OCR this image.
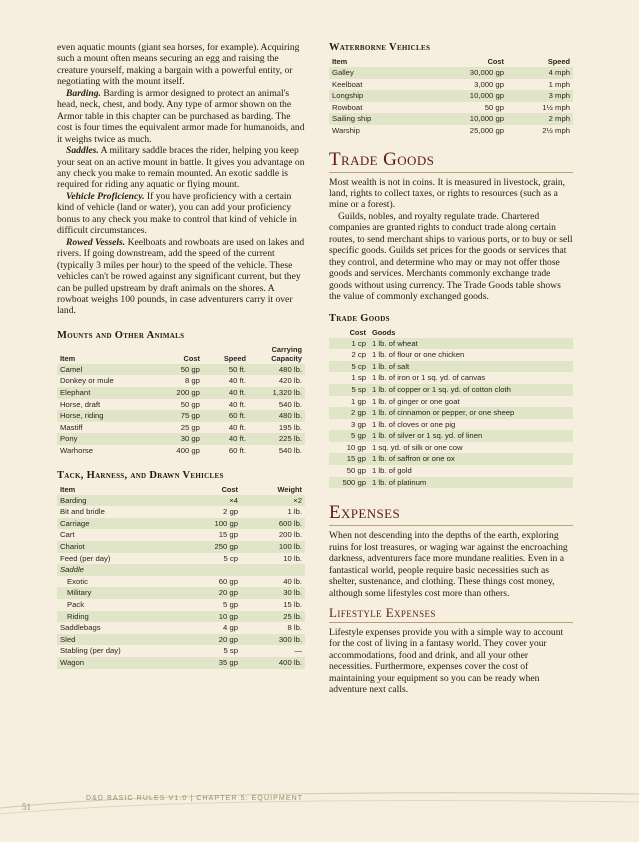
even aquatic mounts (giant sea horses, for example). Acquiring such a mount often means securing an egg and raising the creature yourself, making a bargain with a powerful entity, or negotiating with the mount itself.

Barding. Barding is armor designed to protect an animal's head, neck, chest, and body. Any type of armor shown on the Armor table in this chapter can be purchased as barding. The cost is four times the equivalent armor made for humanoids, and it weighs twice as much.

Saddles. A military saddle braces the rider, helping you keep your seat on an active mount in battle. It gives you advantage on any check you make to remain mounted. An exotic saddle is required for riding any aquatic or flying mount.

Vehicle Proficiency. If you have proficiency with a certain kind of vehicle (land or water), you can add your proficiency bonus to any check you make to control that kind of vehicle in difficult circumstances.

Rowed Vessels. Keelboats and rowboats are used on lakes and rivers. If going downstream, add the speed of the current (typically 3 miles per hour) to the speed of the vehicle. These vehicles can't be rowed against any significant current, but they can be pulled upstream by draft animals on the shores. A rowboat weighs 100 pounds, in case adventurers carry it over land.

Mounts and Other Animals
Item	Cost	Speed	Carrying Capacity
Camel	50 gp	50 ft.	480 lb.
Donkey or mule	8 gp	40 ft.	420 lb.
Elephant	200 gp	40 ft.	1,320 lb.
Horse, draft	50 gp	40 ft.	540 lb.
Horse, riding	75 gp	60 ft.	480 lb.
Mastiff	25 gp	40 ft.	195 lb.
Pony	30 gp	40 ft.	225 lb.
Warhorse	400 gp	60 ft.	540 lb.
Tack, Harness, and Drawn Vehicles
Item	Cost	Weight
Barding	×4	×2
Bit and bridle	2 gp	1 lb.
Carriage	100 gp	600 lb.
Cart	15 gp	200 lb.
Chariot	250 gp	100 lb.
Feed (per day)	5 cp	10 lb.
Saddle		
Exotic	60 gp	40 lb.
Military	20 gp	30 lb.
Pack	5 gp	15 lb.
Riding	10 gp	25 lb.
Saddlebags	4 gp	8 lb.
Sled	20 gp	300 lb.
Stabling (per day)	5 sp	—
Wagon	35 gp	400 lb.
Waterborne Vehicles
Item	Cost	Speed
Galley	30,000 gp	4 mph
Keelboat	3,000 gp	1 mph
Longship	10,000 gp	3 mph
Rowboat	50 gp	1½ mph
Sailing ship	10,000 gp	2 mph
Warship	25,000 gp	2½ mph
Trade Goods

Most wealth is not in coins. It is measured in livestock, grain, land, rights to collect taxes, or rights to resources (such as a mine or a forest).

Guilds, nobles, and royalty regulate trade. Chartered companies are granted rights to conduct trade along certain routes, to send merchant ships to various ports, or to buy or sell specific goods. Guilds set prices for the goods or services that they control, and determine who may or may not offer those goods and services. Merchants commonly exchange trade goods without using currency. The Trade Goods table shows the value of commonly exchanged goods.

Trade Goods
Cost	Goods
1 cp	1 lb. of wheat
2 cp	1 lb. of flour or one chicken
5 cp	1 lb. of salt
1 sp	1 lb. of iron or 1 sq. yd. of canvas
5 sp	1 lb. of copper or 1 sq. yd. of cotton cloth
1 gp	1 lb. of ginger or one goat
2 gp	1 lb. of cinnamon or pepper, or one sheep
3 gp	1 lb. of cloves or one pig
5 gp	1 lb. of silver or 1 sq. yd. of linen
10 gp	1 sq. yd. of silk or one cow
15 gp	1 lb. of saffron or one ox
50 gp	1 lb. of gold
500 gp	1 lb. of platinum
Expenses

When not descending into the depths of the earth, exploring ruins for lost treasures, or waging war against the encroaching darkness, adventurers face more mundane realities. Even in a fantastical world, people require basic necessities such as shelter, sustenance, and clothing. These things cost money, although some lifestyles cost more than others.

Lifestyle Expenses

Lifestyle expenses provide you with a simple way to account for the cost of living in a fantasy world. They cover your accommodations, food and drink, and all your other necessities. Furthermore, expenses cover the cost of maintaining your equipment so you can be ready when adventure next calls.

D&D BASIC RULES V1.0 | CHAPTER 5: EQUIPMENT
51
